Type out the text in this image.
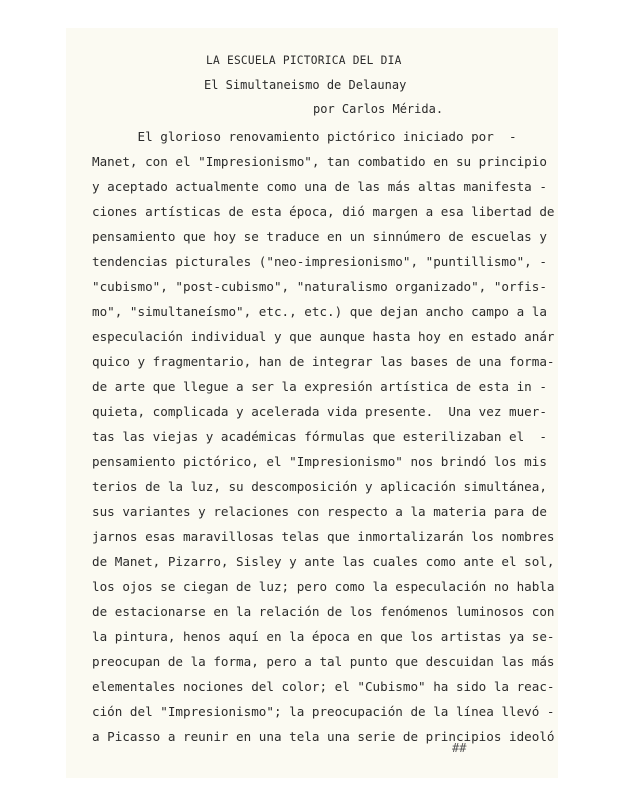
LA ESCUELA PICTORICA DEL DIA
El Simultaneismo de Delaunay
por Carlos Mérida.
El glorioso renovamiento pictórico iniciado por  -
Manet, con el "Impresionismo", tan combatido en su principio
y aceptado actualmente como una de las más altas manifesta -
ciones artísticas de esta época, dió margen a esa libertad de
pensamiento que hoy se traduce en un sinnúmero de escuelas y
tendencias picturales ("neo-impresionismo", "puntillismo", -
"cubismo", "post-cubismo", "naturalismo organizado", "orfis-
mo", "simultaneísmo", etc., etc.) que dejan ancho campo a la
especulación individual y que aunque hasta hoy en estado anár
quico y fragmentario, han de integrar las bases de una forma-
de arte que llegue a ser la expresión artística de esta in -
quieta, complicada y acelerada vida presente.  Una vez muer-
tas las viejas y académicas fórmulas que esterilizaban el  -
pensamiento pictórico, el "Impresionismo" nos brindó los mis
terios de la luz, su descomposición y aplicación simultánea,
sus variantes y relaciones con respecto a la materia para de
jarnos esas maravillosas telas que inmortalizarán los nombres
de Manet, Pizarro, Sisley y ante las cuales como ante el sol,
los ojos se ciegan de luz; pero como la especulación no habla
de estacionarse en la relación de los fenómenos luminosos con
la pintura, henos aquí en la época en que los artistas ya se-
preocupan de la forma, pero a tal punto que descuidan las más
elementales nociones del color; el "Cubismo" ha sido la reac-
ción del "Impresionismo"; la preocupación de la línea llevó -
a Picasso a reunir en una tela una serie de principios ideoló
##
